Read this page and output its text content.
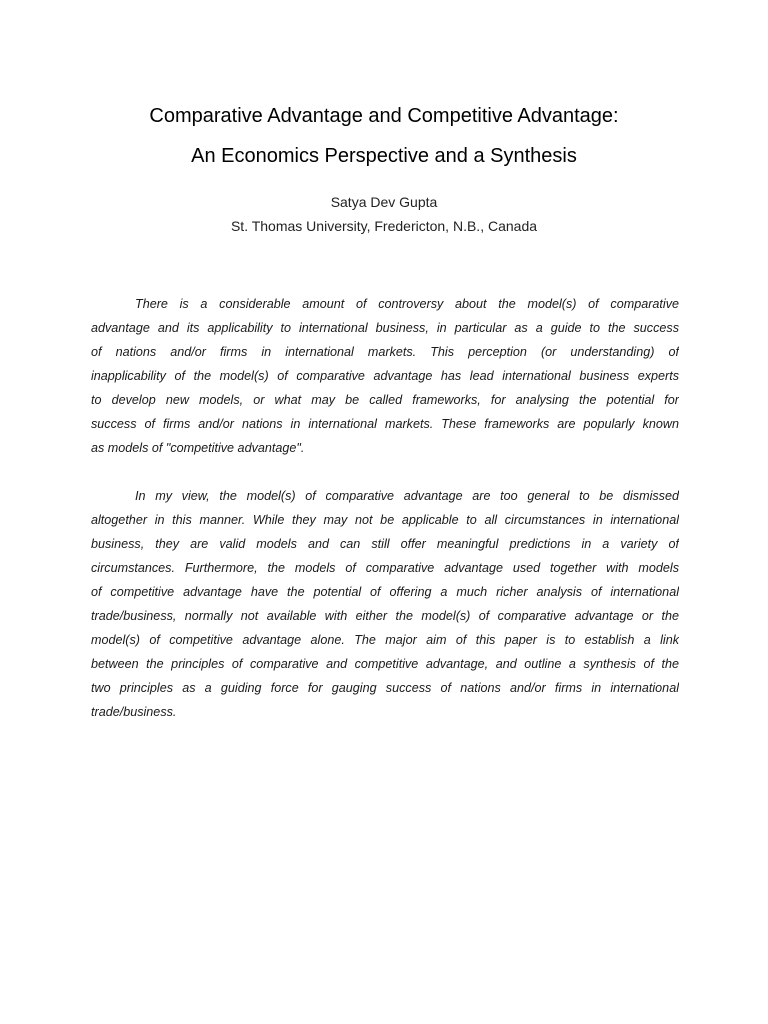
Comparative Advantage and Competitive Advantage:
An Economics Perspective and a Synthesis
Satya Dev Gupta
St. Thomas University, Fredericton, N.B., Canada
There is a considerable amount of controversy about the model(s) of comparative
advantage and its applicability to international business, in particular as a guide to the success
of nations and/or firms in international markets. This perception (or understanding) of
inapplicability of the model(s) of comparative advantage has lead international business experts
to develop new models, or what may be called frameworks, for analysing the potential for
success of firms and/or nations in international markets. These frameworks are popularly known
as models of "competitive advantage".
In my view, the model(s) of comparative advantage are too general to be dismissed
altogether in this manner. While they may not be applicable to all circumstances in international
business, they are valid models and can still offer meaningful predictions in a variety of
circumstances. Furthermore, the models of comparative advantage used together with models
of competitive advantage have the potential of offering a much richer analysis of international
trade/business, normally not available with either the model(s) of comparative advantage or the
model(s) of competitive advantage alone. The major aim of this paper is to establish a link
between the principles of comparative and competitive advantage, and outline a synthesis of the
two principles as a guiding force for gauging success of nations and/or firms in international
trade/business.
